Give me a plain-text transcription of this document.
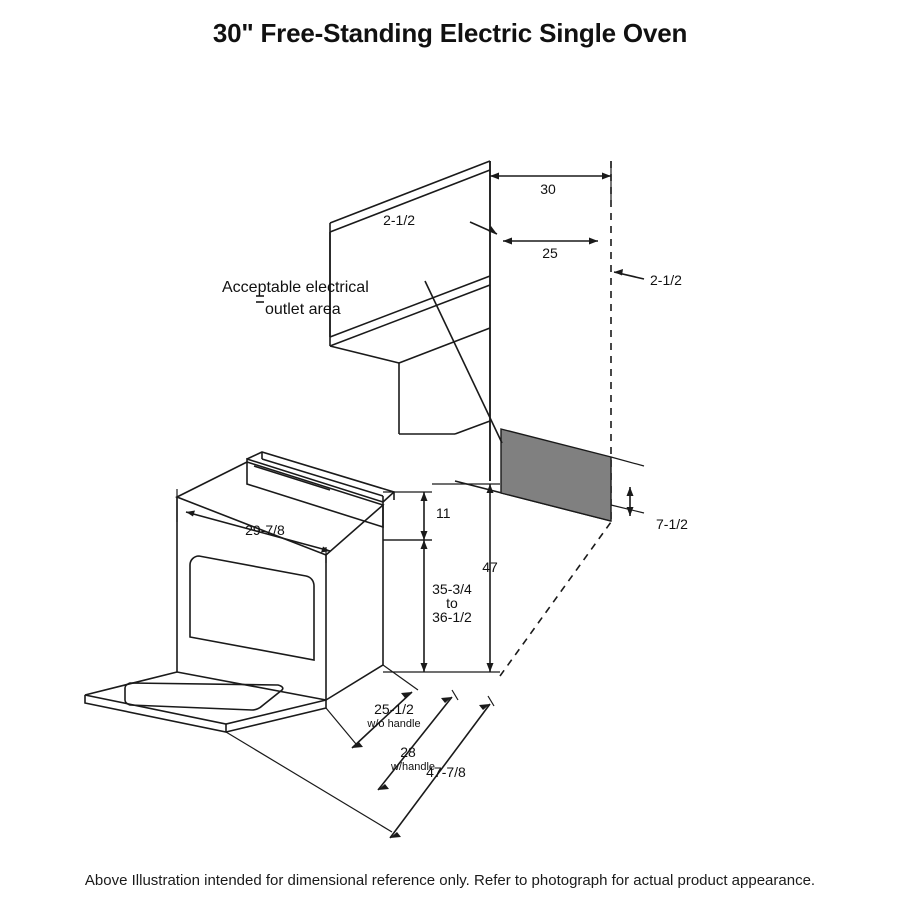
30" Free-Standing Electric Single Oven
30
25
2-1/2
2-1/2
7-1/2
11
35-3/4
to
36-1/2
47
29-7/8
25-1/2
w/o handle
28
w/handle
47-7/8
Acceptable electrical
outlet area
Above Illustration intended for dimensional reference only. Refer to photograph for actual product appearance.
